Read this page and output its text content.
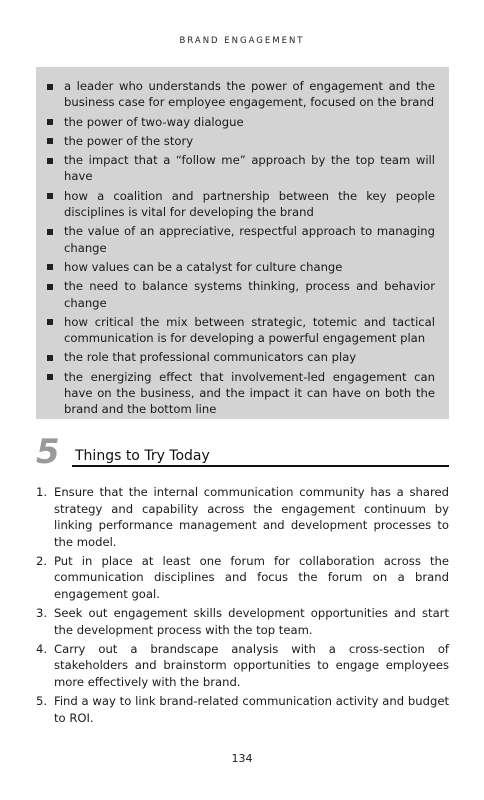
BRAND ENGAGEMENT
a leader who understands the power of engagement and the business case for employee engagement, focused on the brand
the power of two-way dialogue
the power of the story
the impact that a “follow me” approach by the top team will have
how a coalition and partnership between the key people disciplines is vital for developing the brand
the value of an appreciative, respectful approach to managing change
how values can be a catalyst for culture change
the need to balance systems thinking, process and behavior change
how critical the mix between strategic, totemic and tactical communication is for developing a powerful engagement plan
the role that professional communicators can play
the energizing effect that involvement-led engagement can have on the business, and the impact it can have on both the brand and the bottom line
5 Things to Try Today
1. Ensure that the internal communication community has a shared strategy and capability across the engagement continuum by linking performance management and development processes to the model.
2. Put in place at least one forum for collaboration across the communication disciplines and focus the forum on a brand engagement goal.
3. Seek out engagement skills development opportunities and start the development process with the top team.
4. Carry out a brandscape analysis with a cross-section of stakeholders and brainstorm opportunities to engage employees more effectively with the brand.
5. Find a way to link brand-related communication activity and budget to ROI.
134
